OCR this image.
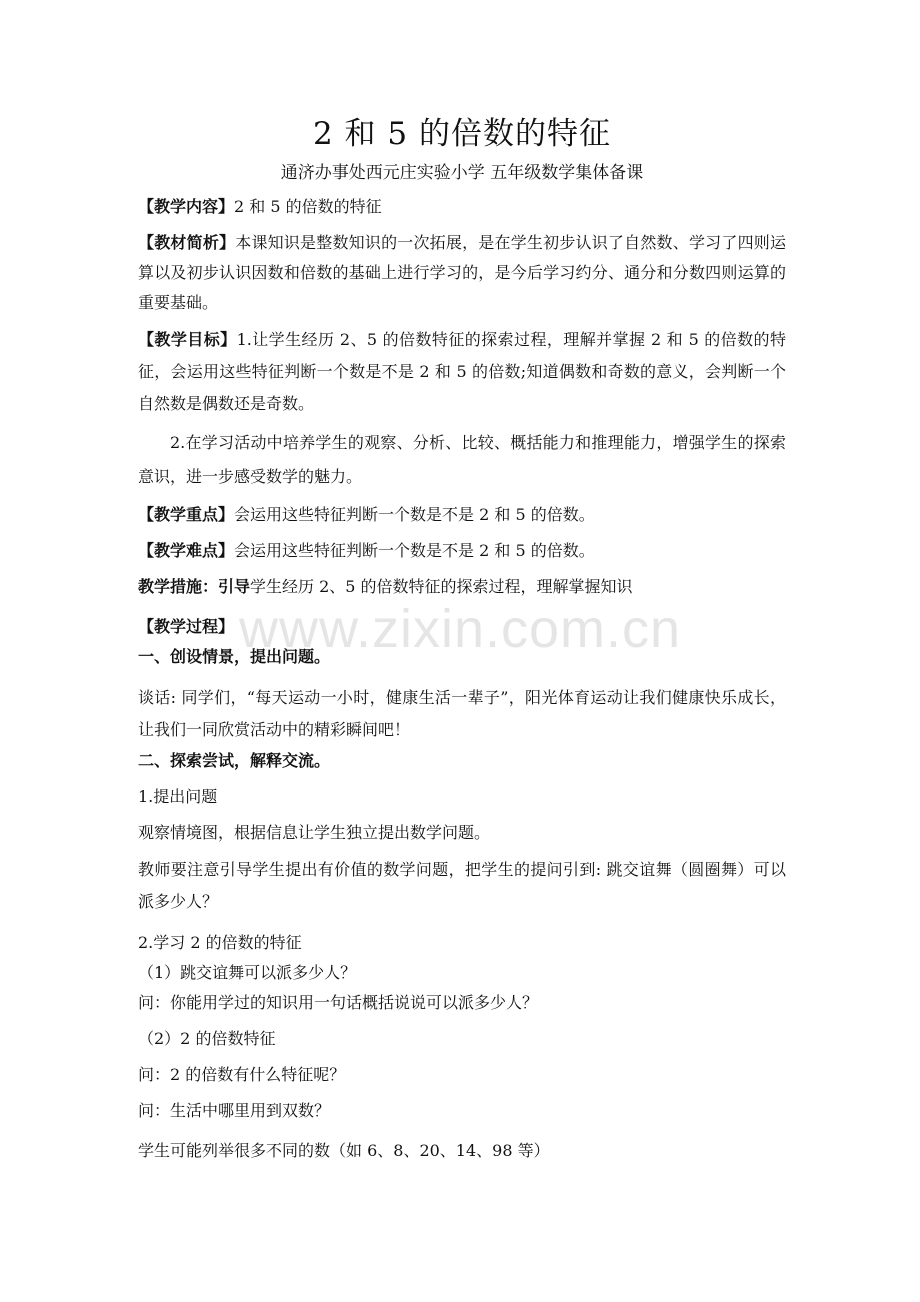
www.zixin.com.cn
2 和 5 的倍数的特征
通济办事处西元庄实验小学 五年级数学集体备课

【教学内容】2 和 5 的倍数的特征

【教材简析】本课知识是整数知识的一次拓展，是在学生初步认识了自然数、学习了四则运算以及初步认识因数和倍数的基础上进行学习的，是今后学习约分、通分和分数四则运算的重要基础。

【教学目标】1.让学生经历 2、5 的倍数特征的探索过程，理解并掌握 2 和 5 的倍数的特征，会运用这些特征判断一个数是不是 2 和 5 的倍数;知道偶数和奇数的意义，会判断一个自然数是偶数还是奇数。

2.在学习活动中培养学生的观察、分析、比较、概括能力和推理能力，增强学生的探索意识，进一步感受数学的魅力。

【教学重点】会运用这些特征判断一个数是不是 2 和 5 的倍数。

【教学难点】会运用这些特征判断一个数是不是 2 和 5 的倍数。

教学措施：引导学生经历 2、5 的倍数特征的探索过程，理解掌握知识

【教学过程】

一、创设情景，提出问题。

谈话: 同学们，“每天运动一小时，健康生活一辈子”，阳光体育运动让我们健康快乐成长，让我们一同欣赏活动中的精彩瞬间吧！

二、探索尝试，解释交流。

1.提出问题

观察情境图，根据信息让学生独立提出数学问题。

教师要注意引导学生提出有价值的数学问题，把学生的提问引到: 跳交谊舞（圆圈舞）可以派多少人？

2.学习 2 的倍数的特征

（1）跳交谊舞可以派多少人？

问：你能用学过的知识用一句话概括说说可以派多少人？

（2）2 的倍数特征

问：2 的倍数有什么特征呢？

问：生活中哪里用到双数？

学生可能列举很多不同的数（如 6、8、20、14、98 等）
